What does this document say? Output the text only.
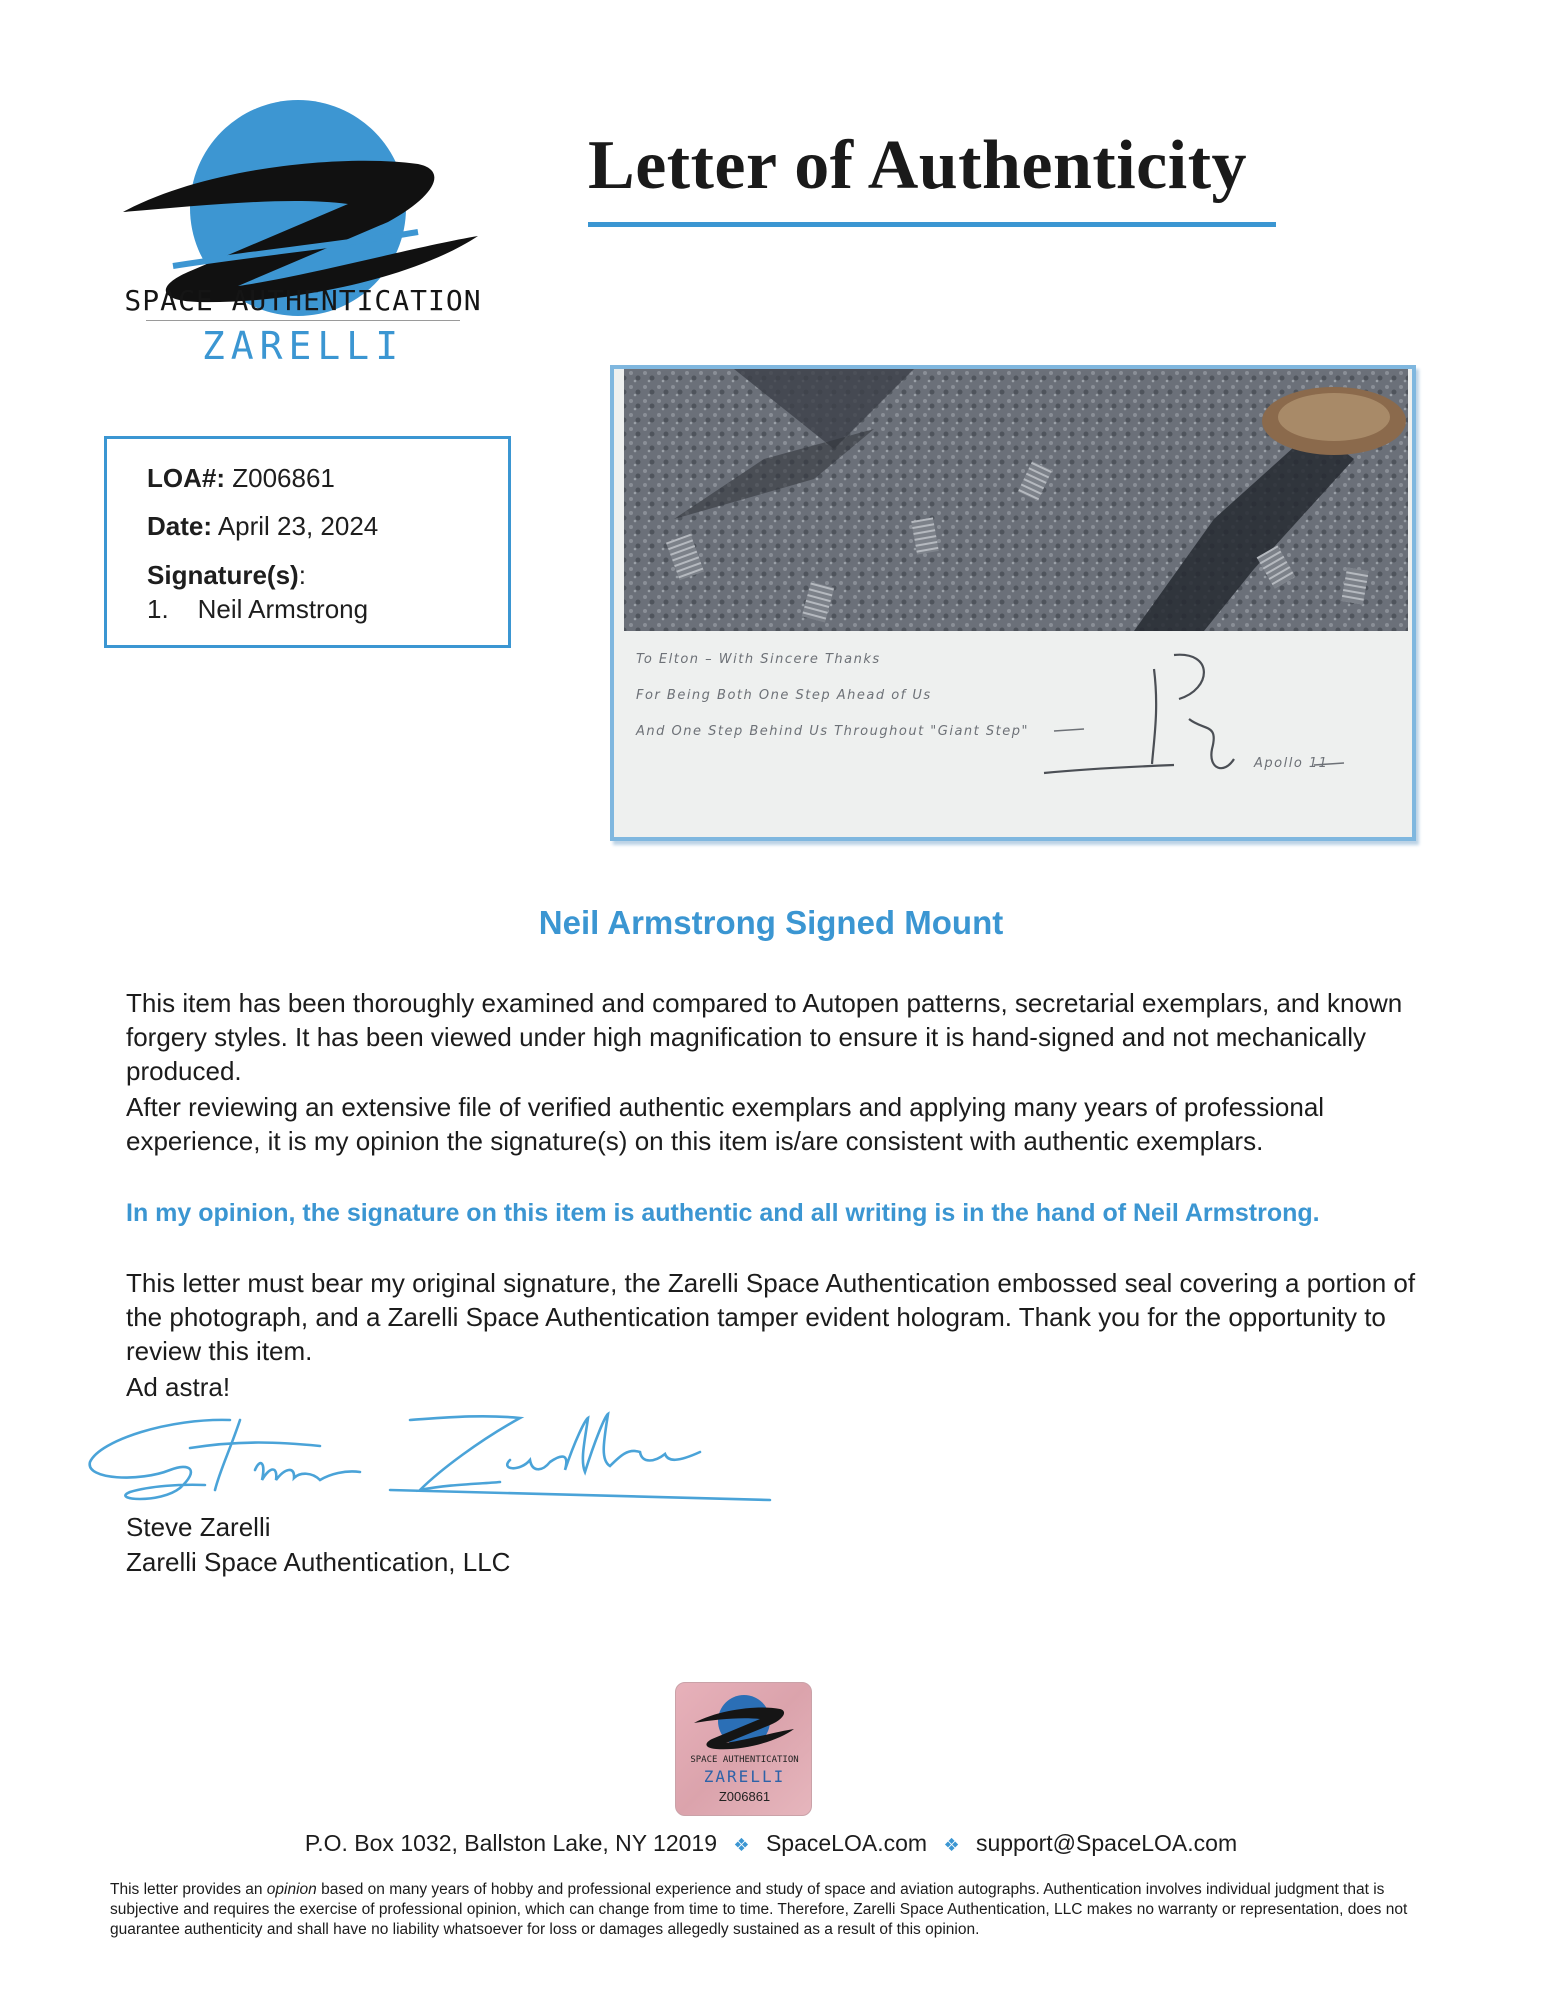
SPACE AUTHENTICATION
ZARELLI
Letter of Authenticity
LOA#: Z006861
Date: April 23, 2024
Signature(s):
1.    Neil Armstrong
To Elton – With Sincere Thanks
For Being Both One Step Ahead of Us
And One Step Behind Us Throughout "Giant Step"
Apollo 11
Neil Armstrong Signed Mount
This item has been thoroughly examined and compared to Autopen patterns, secretarial exemplars, and known forgery styles. It has been viewed under high magnification to ensure it is hand-signed and not mechanically produced.
After reviewing an extensive file of verified authentic exemplars and applying many years of professional experience, it is my opinion the signature(s) on this item is/are consistent with authentic exemplars.
In my opinion, the signature on this item is authentic and all writing is in the hand of Neil Armstrong.
This letter must bear my original signature, the Zarelli Space Authentication embossed seal covering a portion of the photograph, and a Zarelli Space Authentication tamper evident hologram. Thank you for the opportunity to review this item.
Ad astra!
Steve Zarelli
Zarelli Space Authentication, LLC
SPACE AUTHENTICATION
ZARELLI
Z006861
P.O. Box 1032, Ballston Lake, NY 12019 ❖ SpaceLOA.com ❖ support@SpaceLOA.com
This letter provides an opinion based on many years of hobby and professional experience and study of space and aviation autographs. Authentication involves individual judgment that is subjective and requires the exercise of professional opinion, which can change from time to time. Therefore, Zarelli Space Authentication, LLC makes no warranty or representation, does not guarantee authenticity and shall have no liability whatsoever for loss or damages allegedly sustained as a result of this opinion.
